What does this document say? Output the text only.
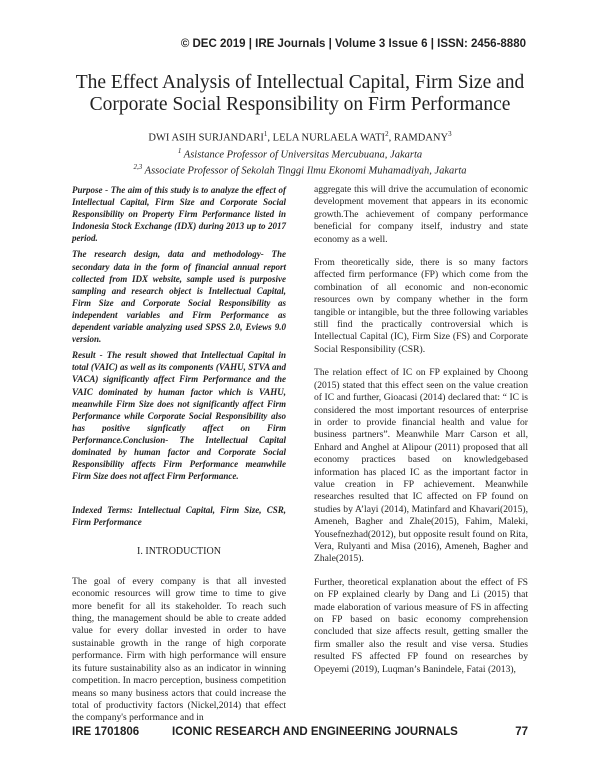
© DEC 2019 | IRE Journals | Volume 3 Issue 6 | ISSN: 2456-8880
The Effect Analysis of Intellectual Capital, Firm Size and Corporate Social Responsibility on Firm Performance
DWI ASIH SURJANDARI$^1$, LELA NURLAELA WATI$^2$, RAMDANY$^3$
$^1$ Asistance Professor of Universitas Mercubuana, Jakarta
$^{2,3}$ Associate Professor of Sekolah Tinggi Ilmu Ekonomi Muhamadiyah, Jakarta

Purpose - The aim of this study is to analyze the effect of Intellectual Capital, Firm Size and Corporate Social Responsibility on Property Firm Performance listed in Indonesia Stock Exchange (IDX) during 2013 up to 2017 period.

The research design, data and methodology- The secondary data in the form of financial annual report collected from IDX website, sample used is purposive sampling and research object is Intellectual Capital, Firm Size and Corporate Social Responsibility as independent variables and Firm Performance as dependent variable analyzing used SPSS 2.0, Eviews 9.0 version.

Result - The result showed that Intellectual Capital in total (VAIC) as well as its components (VAHU, STVA and VACA) significantly affect Firm Performance and the VAIC dominated by human factor which is VAHU, meanwhile Firm Size does not significantly affect Firm Performance while Corporate Social Responsibility also has positive signficatly affect on Firm Performance.Conclusion- The Intellectual Capital dominated by human factor and Corporate Social Responsibility affects Firm Performance meanwhile Firm Size does not affect Firm Performance.

Indexed Terms: Intellectual Capital, Firm Size, CSR, Firm Performance

I. INTRODUCTION

The goal of every company is that all invested economic resources will grow time to time to give more benefit for all its stakeholder. To reach such thing, the management should be able to create added value for every dollar invested in order to have sustainable growth in the range of high corporate performance. Firm with high performance will ensure its future sustainability also as an indicator in winning competition. In macro perception, business competition means so many business actors that could increase the total of productivity factors (Nickel,2014) that effect the company's performance and in

aggregate this will drive the accumulation of economic development movement that appears in its economic growth.The achievement of company performance beneficial for company itself, industry and state economy as a well.

From theoretically side, there is so many factors affected firm performance (FP) which come from the combination of all economic and non-economic resources own by company whether in the form tangible or intangible, but the three following variables still find the practically controversial which is Intellectual Capital (IC), Firm Size (FS) and Corporate Social Responsibility (CSR).

The relation effect of IC on FP explained by Choong (2015) stated that this effect seen on the value creation of IC and further, Gioacasi (2014) declared that: “ IC is considered the most important resources of enterprise in order to provide financial health and value for business partners”. Meanwhile Marr Carson et all, Enhard and Anghel at Alipour (2011) proposed that all economy practices based on knowledgebased information has placed IC as the important factor in value creation in FP achievement. Meanwhile researches resulted that IC affected on FP found on studies by A’layi (2014), Matinfard and Khavari(2015), Ameneh, Bagher and Zhale(2015), Fahim, Maleki, Yousefnezhad(2012), but opposite result found on Rita, Vera, Rulyanti and Misa (2016), Ameneh, Bagher and Zhale(2015).

Further, theoretical explanation about the effect of FS on FP explained clearly by Dang and Li (2015) that made elaboration of various measure of FS in affecting on FP based on basic economy comprehension concluded that size affects result, getting smaller the firm smaller also the result and vise versa. Studies resulted FS affected FP found on researches by Opeyemi (2019), Luqman’s Banindele, Fatai (2013),

IRE 1701806	ICONIC RESEARCH AND ENGINEERING JOURNALS	77
